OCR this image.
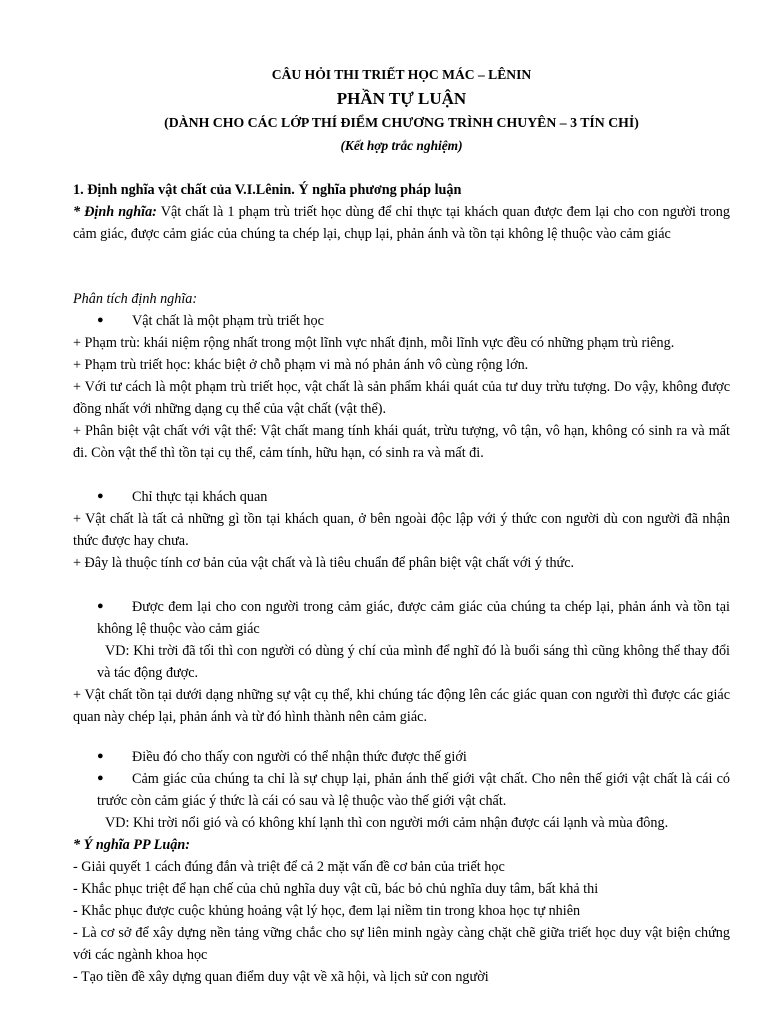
CÂU HỎI THI TRIẾT HỌC MÁC – LÊNIN
PHẦN TỰ LUẬN
(DÀNH CHO CÁC LỚP THÍ ĐIỂM CHƯƠNG TRÌNH CHUYÊN – 3 TÍN CHỈ)
(Kết hợp trắc nghiệm)
1. Định nghĩa vật chất của V.I.Lênin. Ý nghĩa phương pháp luận
* Định nghĩa: Vật chất là 1 phạm trù triết học dùng để chỉ thực tại khách quan được đem lại cho con người trong cảm giác, được cảm giác của chúng ta chép lại, chụp lại, phản ánh và tồn tại không lệ thuộc vào cảm giác
Phân tích định nghĩa:
● Vật chất là một phạm trù triết học
+ Phạm trù: khái niệm rộng nhất trong một lĩnh vực nhất định, mỗi lĩnh vực đều có những phạm trù riêng.
+ Phạm trù triết học: khác biệt ở chỗ phạm vi mà nó phản ánh vô cùng rộng lớn.
+ Với tư cách là một phạm trù triết học, vật chất là sản phẩm khái quát của tư duy trừu tượng. Do vậy, không được đồng nhất với những dạng cụ thể của vật chất (vật thể).
+ Phân biệt vật chất với vật thể: Vật chất mang tính khái quát, trừu tượng, vô tận, vô hạn, không có sinh ra và mất đi. Còn vật thể thì tồn tại cụ thể, cảm tính, hữu hạn, có sinh ra và mất đi.
● Chỉ thực tại khách quan
+ Vật chất là tất cả những gì tồn tại khách quan, ở bên ngoài độc lập với ý thức con người dù con người đã nhận thức được hay chưa.
+ Đây là thuộc tính cơ bản của vật chất và là tiêu chuẩn để phân biệt vật chất với ý thức.
●	Được đem lại cho con người trong cảm giác, được cảm giác của chúng ta chép lại, phản ánh và tồn tại không lệ thuộc vào cảm giác
VD: Khi trời đã tối thì con người có dùng ý chí của mình để nghĩ đó là buổi sáng thì cũng không thể thay đổi và tác động được.
+ Vật chất tồn tại dưới dạng những sự vật cụ thể, khi chúng tác động lên các giác quan con người thì được các giác quan này chép lại, phản ánh và từ đó hình thành nên cảm giác.
● Điều đó cho thấy con người có thể nhận thức được thế giới
●	Cảm giác của chúng ta chỉ là sự chụp lại, phản ánh thế giới vật chất. Cho nên thế giới vật chất là cái có trước còn cảm giác ý thức là cái có sau và lệ thuộc vào thế giới vật chất.
VD: Khi trời nổi gió và có không khí lạnh thì con người mới cảm nhận được cái lạnh và mùa đông.
* Ý nghĩa PP Luận:
- Giải quyết 1 cách đúng đắn và triệt để cả 2 mặt vấn đề cơ bản của triết học
- Khắc phục triệt để hạn chế của chủ nghĩa duy vật cũ, bác bỏ chủ nghĩa duy tâm, bất khả thi
- Khắc phục được cuộc khủng hoảng vật lý học, đem lại niềm tin trong khoa học tự nhiên
- Là cơ sở để xây dựng nền tảng vững chắc cho sự liên minh ngày càng chặt chẽ giữa triết học duy vật biện chứng với các ngành khoa học
- Tạo tiền đề xây dựng quan điểm duy vật về xã hội, và lịch sử con người
